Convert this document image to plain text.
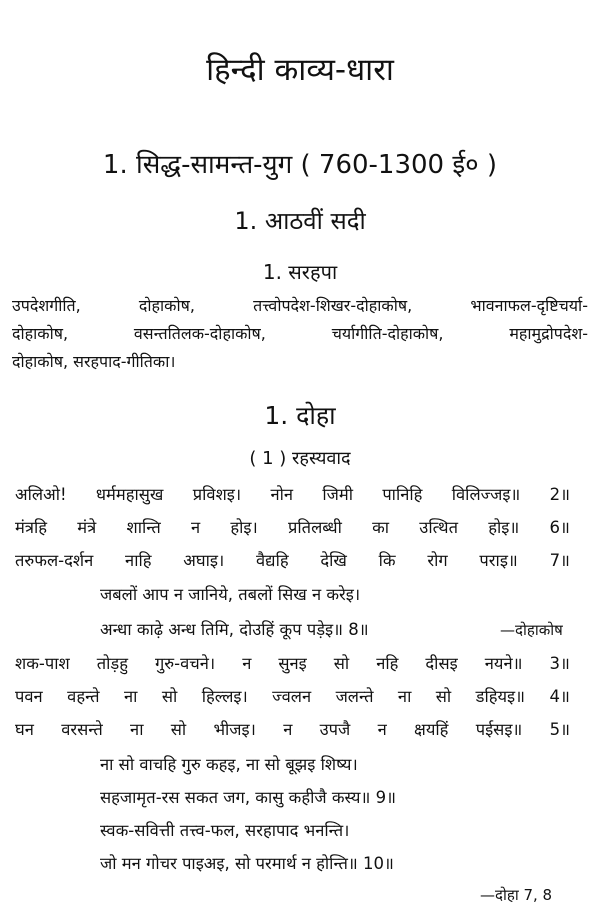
हिन्दी काव्य-धारा
1. सिद्ध-सामन्त-युग ( 760-1300 ई० )
1. आठवीं सदी
1. सरहपा
उपदेशगीति,	दोहाकोष,	तत्त्वोपदेश-शिखर-दोहाकोष,	भावनाफल-दृष्टिचर्या-
दोहाकोष,	वसन्ततिलक-दोहाकोष,	चर्यागीति-दोहाकोष,	महामुद्रोपदेश-
दोहाकोष, सरहपाद-गीतिका।
1. दोहा
( 1 ) रहस्यवाद
अलिओ! धर्ममहासुख प्रविशइ। नोन जिमी पानिहि विलिज्जइ॥ 2॥
मंत्रहि मंत्रे शान्ति न होइ। प्रतिलब्धी का उत्थित होइ॥ 6॥
तरुफल-दर्शन नाहि अघाइ। वैद्यहि देखि कि रोग पराइ॥ 7॥
जबलों आप न जानिये, तबलों सिख न करेइ।
अन्धा काढ़े अन्ध तिमि, दोउहिं कूप पड़ेइ॥ 8॥	—दोहाकोष
शक-पाश तोड़हु गुरु-वचने। न सुनइ सो नहि दीसइ नयने॥ 3॥
पवन वहन्ते ना सो हिल्लइ। ज्वलन जलन्ते ना सो डहियइ॥ 4॥
घन वरसन्ते ना सो भीजइ। न उपजै न क्षयहिं पईसइ॥ 5॥
ना सो वाचहि गुरु कहइ, ना सो बूझइ शिष्य।
सहजामृत-रस सकत जग, कासु कहीजै कस्य॥ 9॥
स्वक-सवित्ती तत्त्व-फल, सरहापाद भनन्ति।
जो मन गोचर पाइअइ, सो परमार्थ न होन्ति॥ 10॥
—दोहा 7, 8
